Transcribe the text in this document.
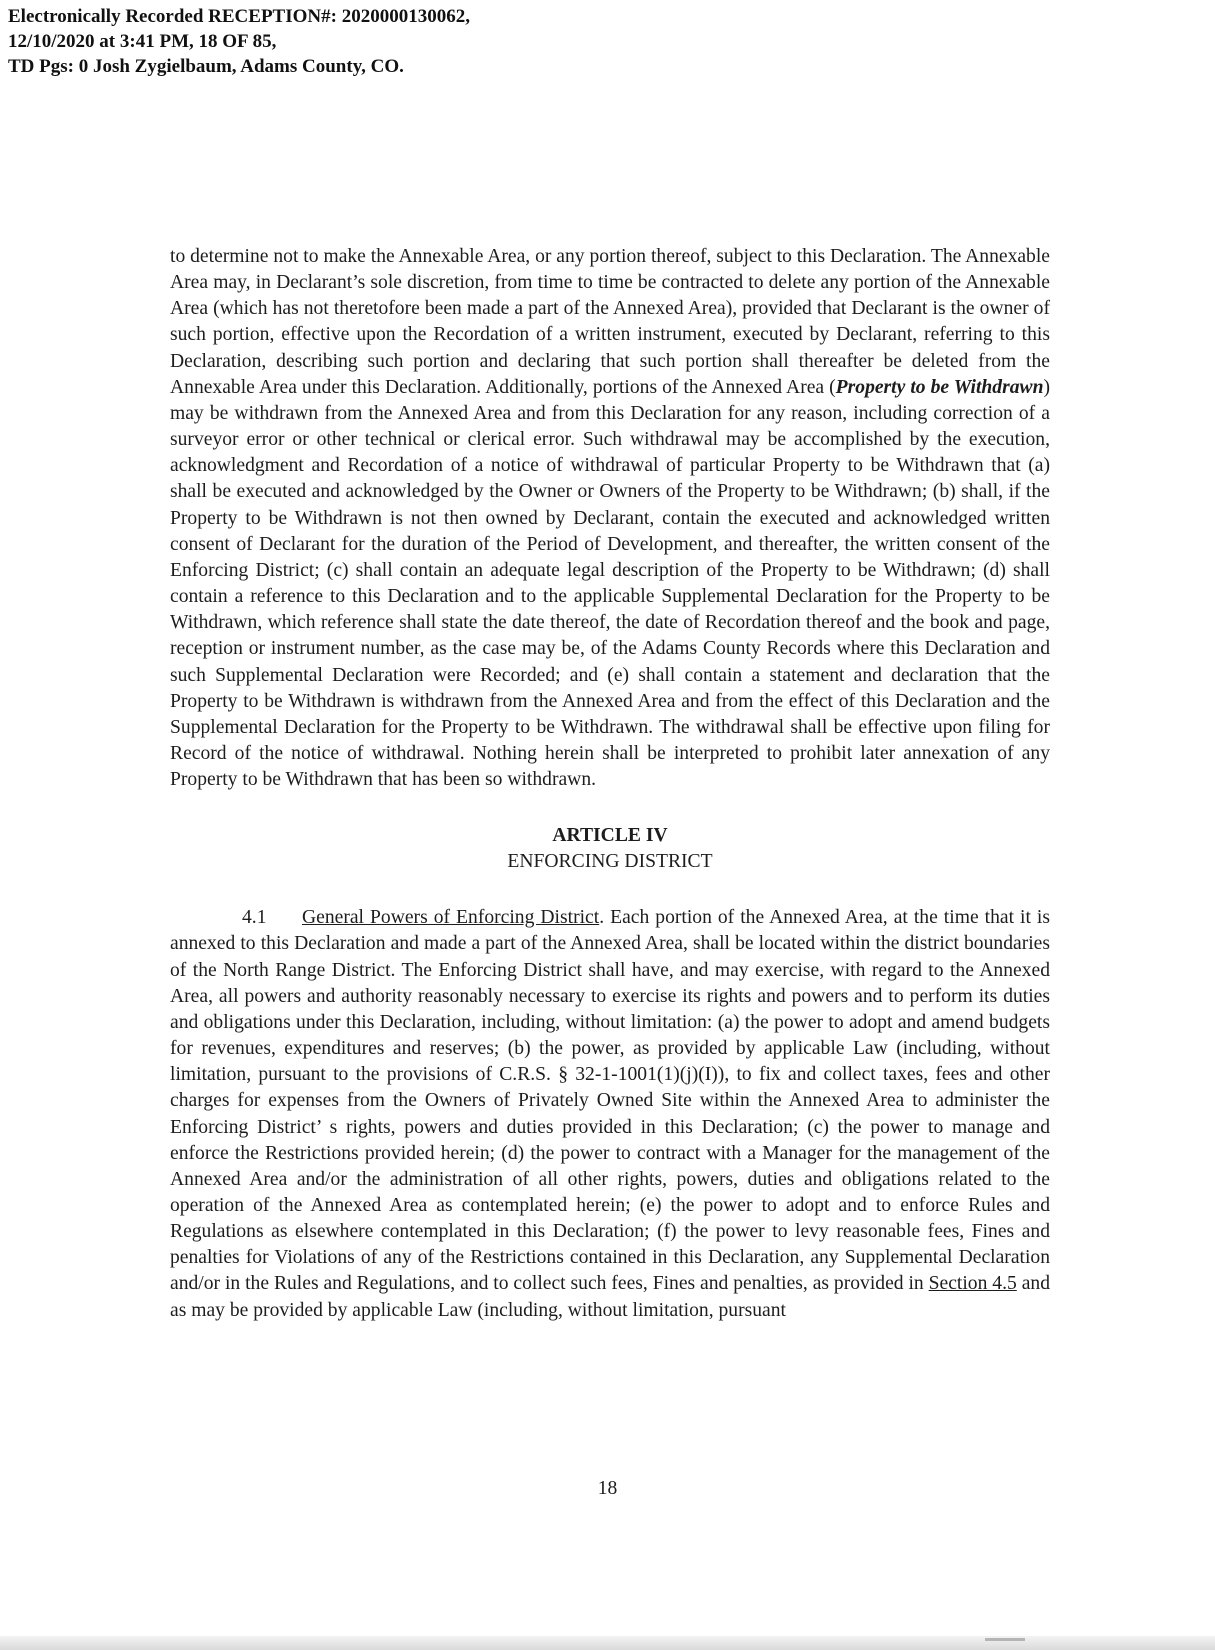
Electronically Recorded RECEPTION#: 2020000130062,
12/10/2020 at 3:41 PM, 18 OF 85,
TD Pgs: 0 Josh Zygielbaum, Adams County, CO.

to determine not to make the Annexable Area, or any portion thereof, subject to this Declaration. The Annexable Area may, in Declarant’s sole discretion, from time to time be contracted to delete any portion of the Annexable Area (which has not theretofore been made a part of the Annexed Area), provided that Declarant is the owner of such portion, effective upon the Recordation of a written instrument, executed by Declarant, referring to this Declaration, describing such portion and declaring that such portion shall thereafter be deleted from the Annexable Area under this Declaration. Additionally, portions of the Annexed Area (Property to be Withdrawn) may be withdrawn from the Annexed Area and from this Declaration for any reason, including correction of a surveyor error or other technical or clerical error. Such withdrawal may be accomplished by the execution, acknowledgment and Recordation of a notice of withdrawal of particular Property to be Withdrawn that (a) shall be executed and acknowledged by the Owner or Owners of the Property to be Withdrawn; (b) shall, if the Property to be Withdrawn is not then owned by Declarant, contain the executed and acknowledged written consent of Declarant for the duration of the Period of Development, and thereafter, the written consent of the Enforcing District; (c) shall contain an adequate legal description of the Property to be Withdrawn; (d) shall contain a reference to this Declaration and to the applicable Supplemental Declaration for the Property to be Withdrawn, which reference shall state the date thereof, the date of Recordation thereof and the book and page, reception or instrument number, as the case may be, of the Adams County Records where this Declaration and such Supplemental Declaration were Recorded; and (e) shall contain a statement and declaration that the Property to be Withdrawn is withdrawn from the Annexed Area and from the effect of this Declaration and the Supplemental Declaration for the Property to be Withdrawn. The withdrawal shall be effective upon filing for Record of the notice of withdrawal. Nothing herein shall be interpreted to prohibit later annexation of any Property to be Withdrawn that has been so withdrawn.

ARTICLE IV
ENFORCING DISTRICT

4.1 General Powers of Enforcing District. Each portion of the Annexed Area, at the time that it is annexed to this Declaration and made a part of the Annexed Area, shall be located within the district boundaries of the North Range District. The Enforcing District shall have, and may exercise, with regard to the Annexed Area, all powers and authority reasonably necessary to exercise its rights and powers and to perform its duties and obligations under this Declaration, including, without limitation: (a) the power to adopt and amend budgets for revenues, expenditures and reserves; (b) the power, as provided by applicable Law (including, without limitation, pursuant to the provisions of C.R.S. § 32-1-1001(1)(j)(I)), to fix and collect taxes, fees and other charges for expenses from the Owners of Privately Owned Site within the Annexed Area to administer the Enforcing District’ s rights, powers and duties provided in this Declaration; (c) the power to manage and enforce the Restrictions provided herein; (d) the power to contract with a Manager for the management of the Annexed Area and/or the administration of all other rights, powers, duties and obligations related to the operation of the Annexed Area as contemplated herein; (e) the power to adopt and to enforce Rules and Regulations as elsewhere contemplated in this Declaration; (f) the power to levy reasonable fees, Fines and penalties for Violations of any of the Restrictions contained in this Declaration, any Supplemental Declaration and/or in the Rules and Regulations, and to collect such fees, Fines and penalties, as provided in Section 4.5 and as may be provided by applicable Law (including, without limitation, pursuant

18
